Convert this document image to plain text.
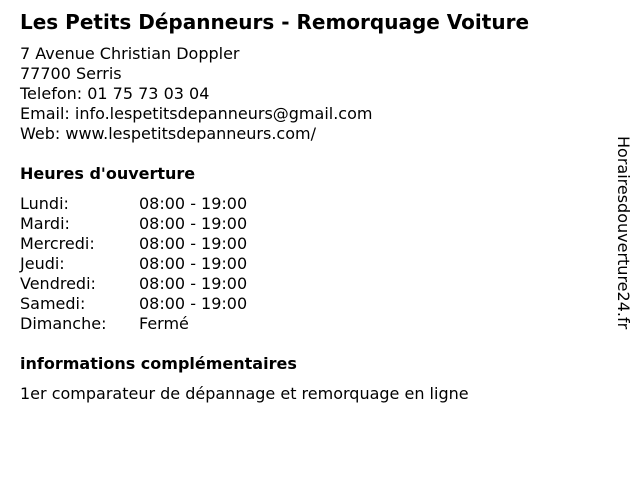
Les Petits Dépanneurs - Remorquage Voiture
7 Avenue Christian Doppler
77700 Serris
Telefon: 01 75 73 03 04
Email: info.lespetitsdepanneurs@gmail.com
Web: www.lespetitsdepanneurs.com/
Heures d'ouverture
Lundi:	08:00 - 19:00
Mardi:	08:00 - 19:00
Mercredi:	08:00 - 19:00
Jeudi:	08:00 - 19:00
Vendredi:	08:00 - 19:00
Samedi:	08:00 - 19:00
Dimanche: Fermé
informations complémentaires
1er comparateur de dépannage et remorquage en ligne
Horairesdouverture24.fr
